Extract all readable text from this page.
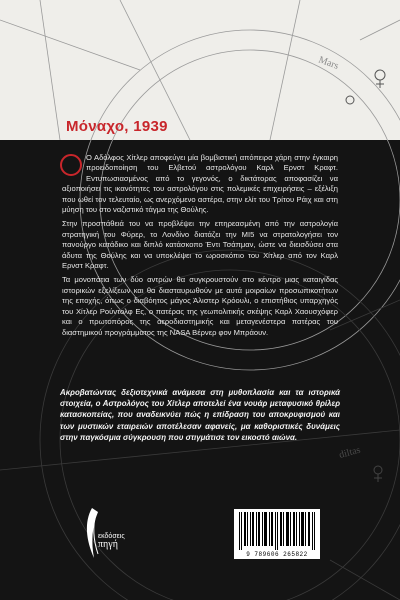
Mars
diltas
Μόναχο, 1939

Ο Αδόλφος Χίτλερ αποφεύγει μία βομβιστική απόπειρα χάρη στην έγκαιρη προειδοποίηση του Ελβετού αστρολόγου Καρλ Ερνστ Κραφτ. Εντυπωσιασμένος από το γεγονός, ο δικτάτορας αποφασίζει να αξιοποιήσει τις ικανότητες του αστρολόγου στις πολεμικές επιχειρήσεις – εξέλιξη που ωθεί τον τελευταίο, ως ανερχόμενο αστέρα, στην ελίτ του Τρίτου Ράιχ και στη μύηση του στο ναζιστικό τάγμα της Θούλης.

Στην προσπάθειά του να προβλέψει την επηρεασμένη από την αστρολογία στρατηγική του Φύρερ, το Λονδίνο διατάζει την ΜΙ5 να στρατολογήσει τον πανούργο κατάδικο και διπλό κατάσκοπο Έντι Τσάπμαν, ώστε να διεισδύσει στα άδυτα της Θούλης και να υποκλέψει το ωροσκόπιο του Χίτλερ από τον Καρλ Ερνστ Κραφτ.

Τα μονοπάτια των δύο αντρών θα συγκρουστούν στο κέντρο μιας καταιγίδας ιστορικών εξελίξεων και θα διασταυρωθούν με αυτά μοιραίων προσωπικοτήτων της εποχής, όπως ο διαβόητος μάγος Άλιστερ Κρόουλι, ο επιστήθιος υπαρχηγός του Χίτλερ Ρούντολφ Ες, ο πατέρας της γεωπολιτικής σκέψης Καρλ Χαουσχόφερ και ο πρωτοπόρος της αεροδιαστημικής και μεταγενέστερα πατέρας του διαστημικού προγράμματος της NASA Βέρνερ φον Μπράουν.

Ακροβατώντας δεξιοτεχνικά ανάμεσα στη μυθοπλασία και τα ιστορικά στοιχεία, ο Αστρολόγος του Χίτλερ αποτελεί ένα νουάρ μεταφυσικό θρίλερ κατασκοπείας, που αναδεικνύει πώς η επίδραση του αποκρυφισμού και των μυστικών εταιρειών αποτέλεσαν αφανείς, μα καθοριστικές δυνάμεις στην παγκόσμια σύγκρουση που στιγμάτισε τον εικοστό αιώνα.
εκδόσεις
πηγή
9 789606 265822
